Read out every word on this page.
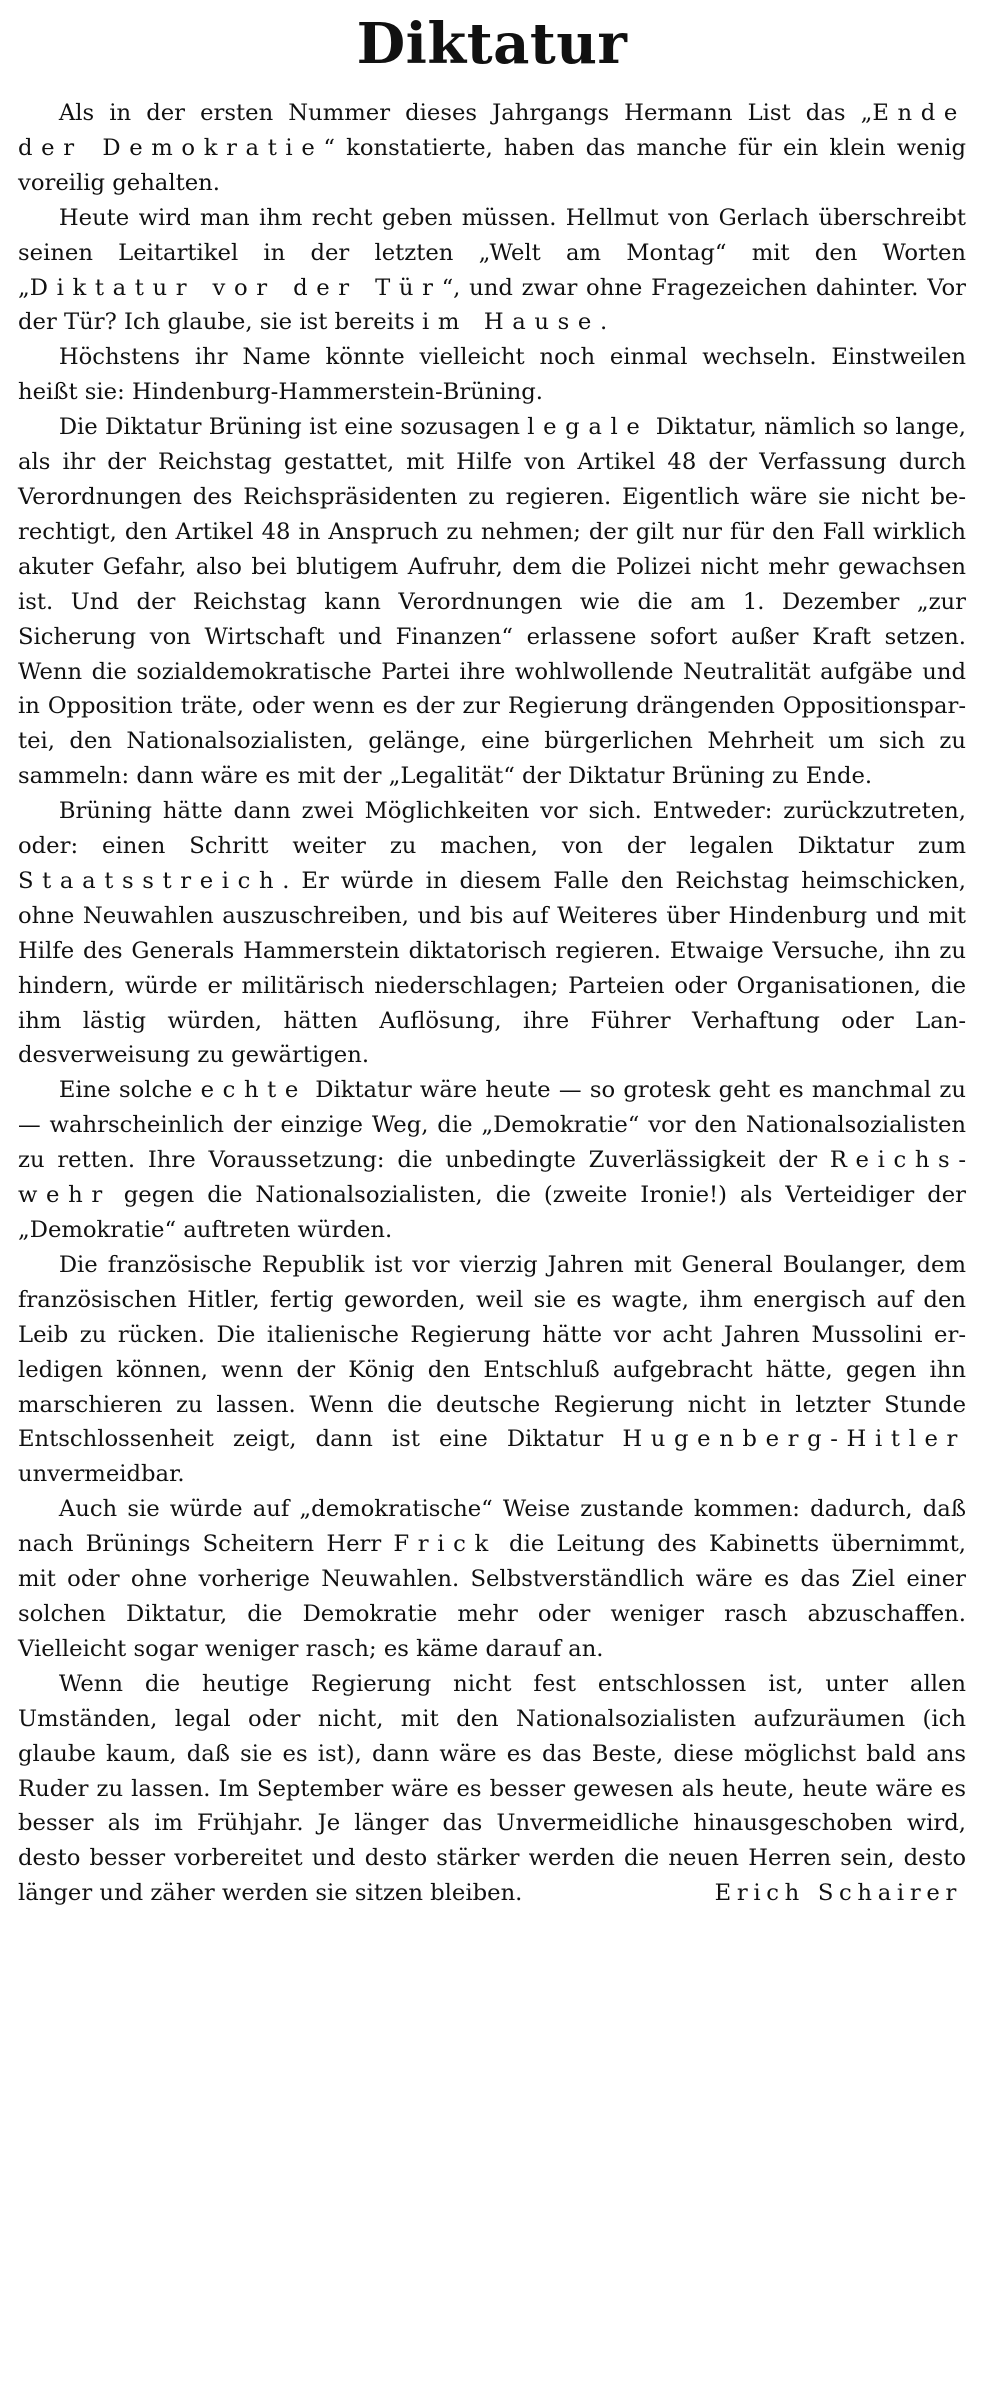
Diktatur

Als in der ersten Nummer dieses Jahrgangs Hermann List das „Ende der Demokratie“ konstatierte, haben das manche für ein klein wenig voreilig gehalten.

Heute wird man ihm recht geben müssen. Hellmut von Gerlach überschreibt seinen Leitartikel in der letzten „Welt am Montag“ mit den Worten „Diktatur vor der Tür“, und zwar ohne Fragezeichen dahinter. Vor der Tür? Ich glaube, sie ist bereits im Hause.

Höchstens ihr Name könnte vielleicht noch einmal wechseln. Einstweilen heißt sie: Hindenburg-Hammerstein-Brüning.

Die Diktatur Brüning ist eine sozusagen legale Diktatur, nämlich so lange, als ihr der Reichstag gestattet, mit Hilfe von Artikel 48 der Verfassung durch Verordnungen des Reichspräsidenten zu regieren. Eigentlich wäre sie nicht berechtigt, den Artikel 48 in Anspruch zu nehmen; der gilt nur für den Fall wirklich akuter Gefahr, also bei blutigem Aufruhr, dem die Polizei nicht mehr gewachsen ist. Und der Reichstag kann Verordnungen wie die am 1. Dezember „zur Sicherung von Wirtschaft und Finanzen“ erlassene sofort außer Kraft setzen. Wenn die sozialdemokratische Partei ihre wohlwollende Neutralität aufgäbe und in Opposition träte, oder wenn es der zur Regierung drängenden Oppositionspartei, den Nationalsozialisten, gelänge, eine bürgerlichen Mehrheit um sich zu sammeln: dann wäre es mit der „Legalität“ der Diktatur Brüning zu Ende.

Brüning hätte dann zwei Möglichkeiten vor sich. Entweder: zurückzutreten, oder: einen Schritt weiter zu machen, von der legalen Diktatur zum Staatsstreich. Er würde in diesem Falle den Reichstag heimschicken, ohne Neuwahlen auszuschreiben, und bis auf Weiteres über Hindenburg und mit Hilfe des Generals Hammerstein diktatorisch regieren. Etwaige Versuche, ihn zu hindern, würde er militärisch niederschlagen; Parteien oder Organisationen, die ihm lästig würden, hätten Auflösung, ihre Führer Verhaftung oder Landesverweisung zu gewärtigen.

Eine solche echte Diktatur wäre heute — so grotesk geht es manchmal zu — wahrscheinlich der einzige Weg, die „Demokratie“ vor den Nationalsozialisten zu retten. Ihre Voraussetzung: die unbedingte Zuverlässigkeit der Reichswehr gegen die Nationalsozialisten, die (zweite Ironie!) als Verteidiger der „Demokratie“ auftreten würden.

Die französische Republik ist vor vierzig Jahren mit General Boulanger, dem französischen Hitler, fertig geworden, weil sie es wagte, ihm energisch auf den Leib zu rücken. Die italienische Regierung hätte vor acht Jahren Mussolini erledigen können, wenn der König den Entschluß aufgebracht hätte, gegen ihn marschieren zu lassen. Wenn die deutsche Regierung nicht in letzter Stunde Entschlossenheit zeigt, dann ist eine Diktatur Hugenberg-Hitler unvermeidbar.

Auch sie würde auf „demokratische“ Weise zustande kommen: dadurch, daß nach Brünings Scheitern Herr Frick die Leitung des Kabinetts übernimmt, mit oder ohne vorherige Neuwahlen. Selbstverständlich wäre es das Ziel einer solchen Diktatur, die Demokratie mehr oder weniger rasch abzuschaffen. Vielleicht sogar weniger rasch; es käme darauf an.

Wenn die heutige Regierung nicht fest entschlossen ist, unter allen Umständen, legal oder nicht, mit den Nationalsozialisten aufzuräumen (ich glaube kaum, daß sie es ist), dann wäre es das Beste, diese möglichst bald ans Ruder zu lassen. Im September wäre es besser gewesen als heute, heute wäre es besser als im Frühjahr. Je länger das Unvermeidliche hinausgeschoben wird, desto besser vorbereitet und desto stärker werden die neuen Herren sein, desto länger und zäher werden sie sitzen bleiben.	Erich Schairer
